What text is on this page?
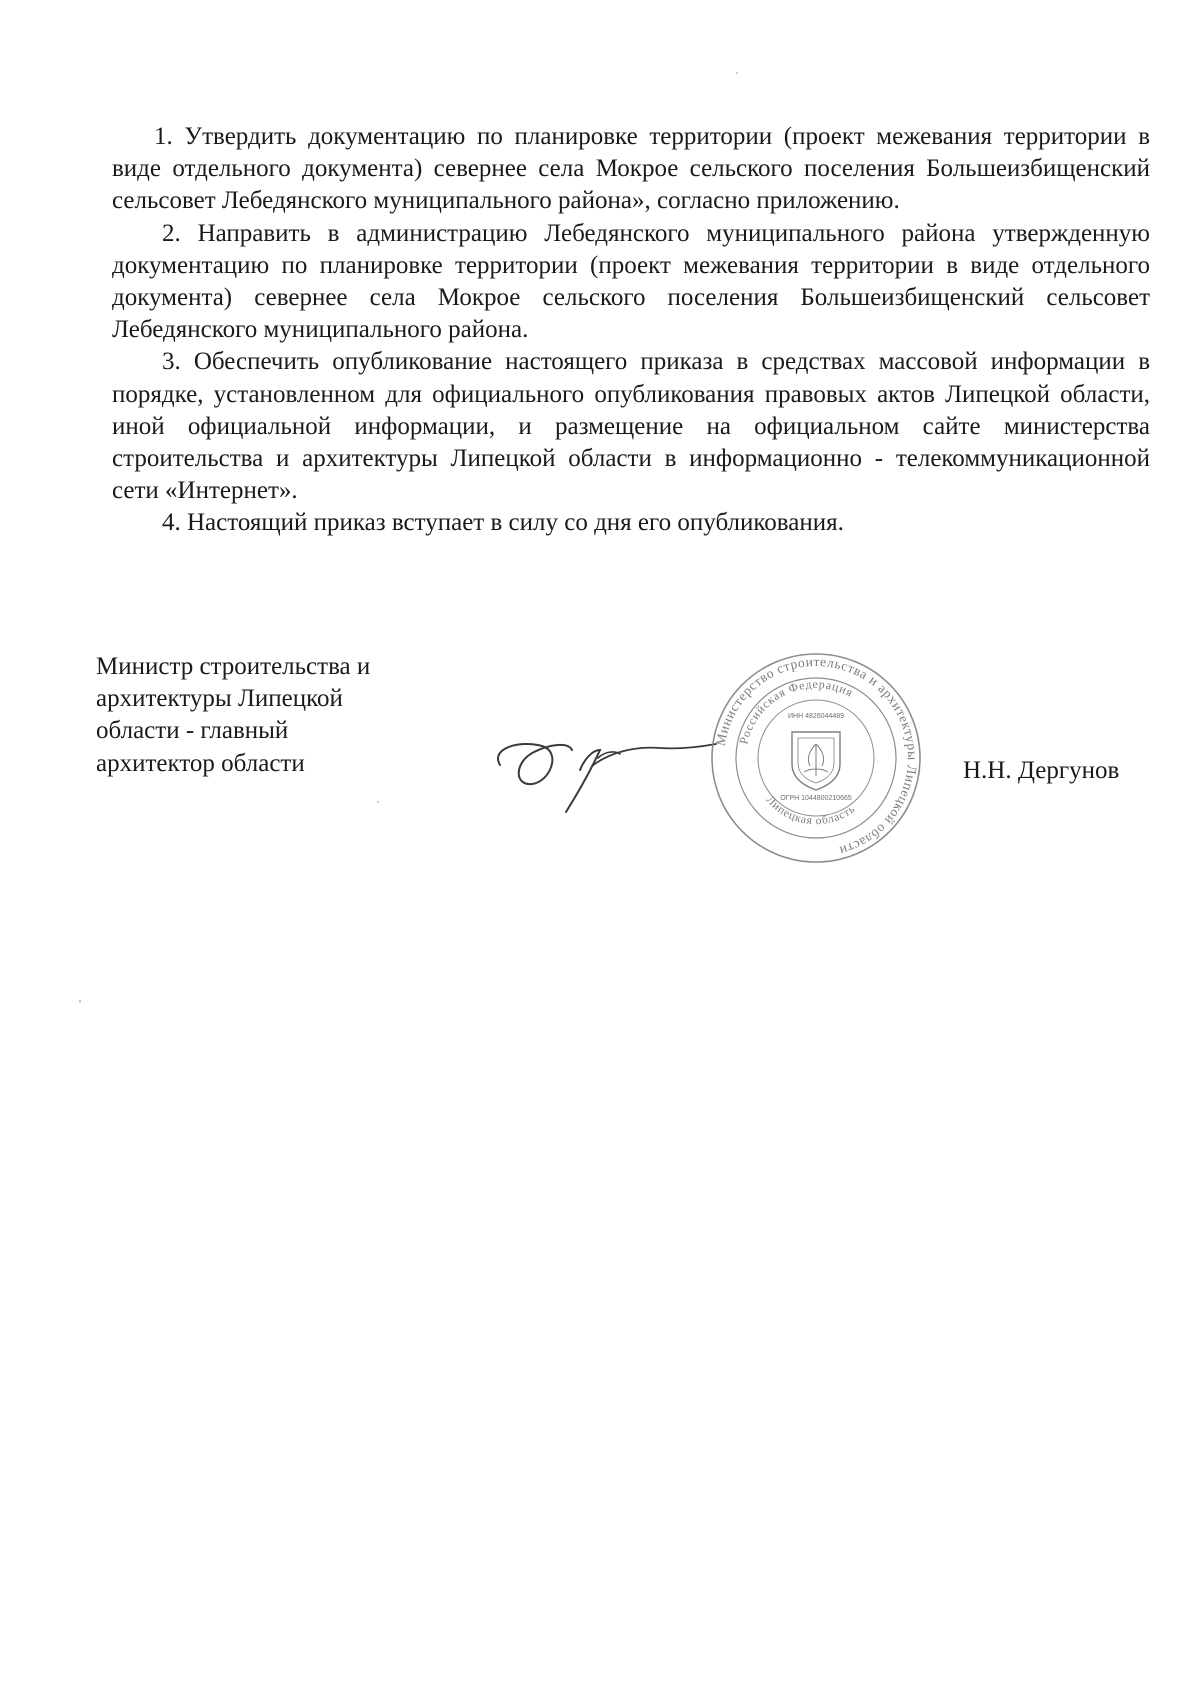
1. Утвердить документацию по планировке территории (проект межевания территории в виде отдельного документа) севернее села Мокрое сельского поселения Большеизбищенский сельсовет Лебедянского муниципального района», согласно приложению.

2. Направить в администрацию Лебедянского муниципального района утвержденную документацию по планировке территории (проект межевания территории в виде отдельного документа) севернее села Мокрое сельского поселения Большеизбищенский сельсовет Лебедянского муниципального района.

3. Обеспечить опубликование настоящего приказа в средствах массовой информации в порядке, установленном для официального опубликования правовых актов Липецкой области, иной официальной информации, и размещение на официальном сайте министерства строительства и архитектуры Липецкой области в информационно - телекоммуникационной сети «Интернет».

4. Настоящий приказ вступает в силу со дня его опубликования.

Министр строительства и
архитектуры Липецкой
области - главный
архитектор области
Министерство строительства и архитектуры Липецкой области
Российская Федерация
Липецкая область
ИНН 4826044489
ОГРН 1044800210665
Н.Н. Дергунов
